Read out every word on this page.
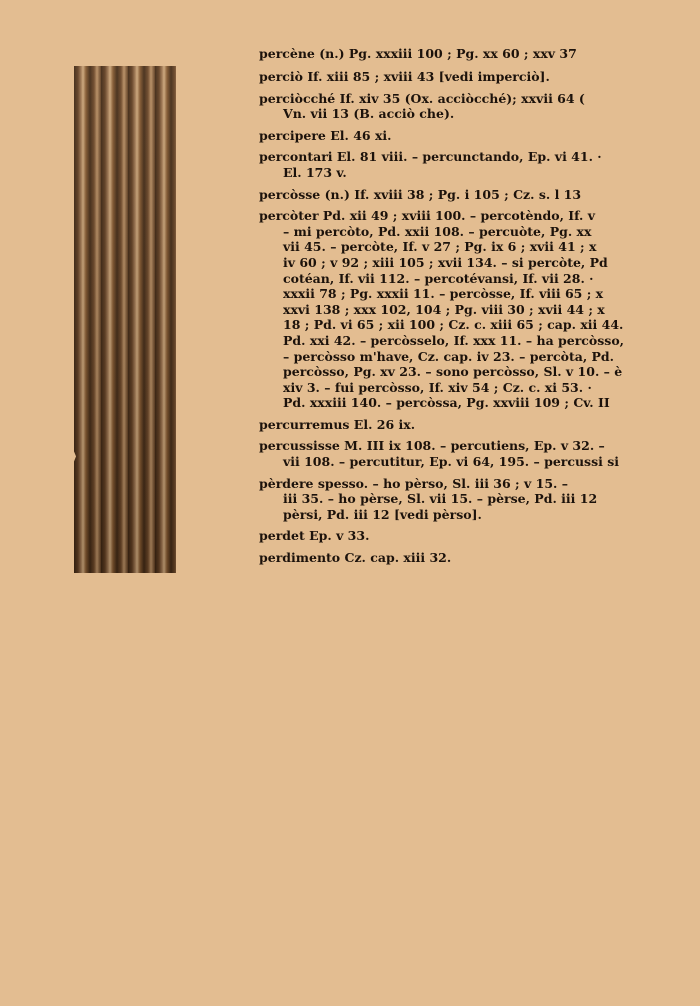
percène (n.) Pg. xxxiii 100 ; Pg. xx 60 ; xxv 37
perciò If. xiii 85 ; xviii 43 [vedi imperciò].
perciòcché If. xiv 35 (Ox. acciòcché); xxvii 64 (
Vn. vii 13 (B. acciò che).
percipere El. 46 xi.
percontari El. 81 viii. – percunctando, Ep. vi 41. ·
El. 173 v.
percòsse (n.) If. xviii 38 ; Pg. i 105 ; Cz. s. l 13
percòter Pd. xii 49 ; xviii 100. – percotèndo, If. v
– mi percòto, Pd. xxii 108. – percuòte, Pg. xx
vii 45. – percòte, If. v 27 ; Pg. ix 6 ; xvii 41 ; x
iv 60 ; v 92 ; xiii 105 ; xvii 134. – si percòte, Pd
cotéan, If. vii 112. – percotévansi, If. vii 28. ·
xxxii 78 ; Pg. xxxii 11. – percòsse, If. viii 65 ; x
xxvi 138 ; xxx 102, 104 ; Pg. viii 30 ; xvii 44 ; x
18 ; Pd. vi 65 ; xii 100 ; Cz. c. xiii 65 ; cap. xii 44.
Pd. xxi 42. – percòsselo, If. xxx 11. – ha percòsso,
– percòsso m'have, Cz. cap. iv 23. – percòta, Pd.
percòsso, Pg. xv 23. – sono percòsso, Sl. v 10. – è
xiv 3. – fui percòsso, If. xiv 54 ; Cz. c. xi 53. ·
Pd. xxxiii 140. – percòssa, Pg. xxviii 109 ; Cv. II
percurremus El. 26 ix.
percussisse M. III ix 108. – percutiens, Ep. v 32. –
vii 108. – percutitur, Ep. vi 64, 195. – percussi si
pèrdere spesso. – ho pèrso, Sl. iii 36 ; v 15. –
iii 35. – ho pèrse, Sl. vii 15. – pèrse, Pd. iii 12
pèrsi, Pd. iii 12 [vedi pèrso].
perdet Ep. v 33.
perdimento Cz. cap. xiii 32.
